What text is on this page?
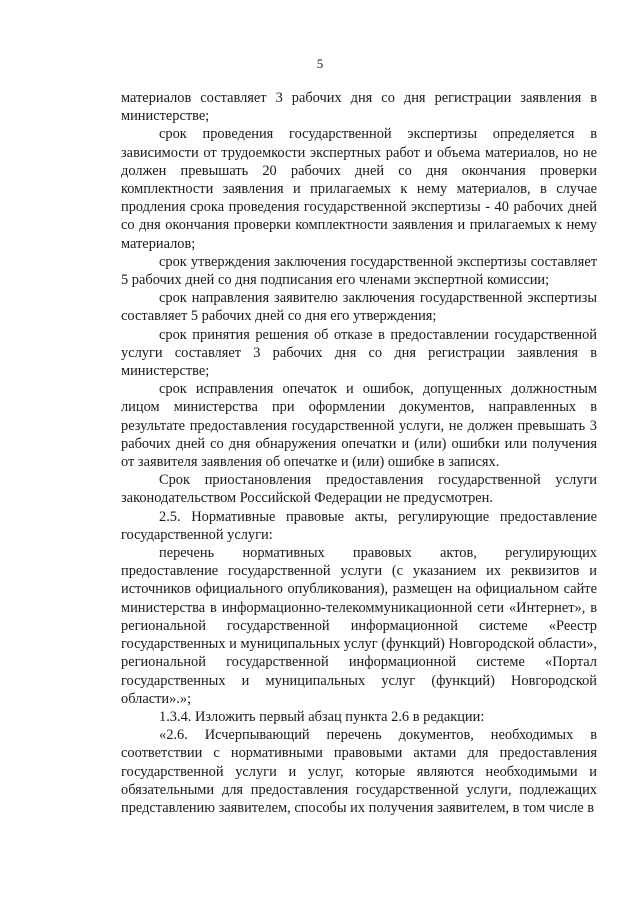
5

материалов составляет 3 рабочих дня со дня регистрации заявления в министерстве;

срок проведения государственной экспертизы определяется в зависимости от трудоемкости экспертных работ и объема материалов, но не должен превышать 20 рабочих дней со дня окончания проверки комплектности заявления и прилагаемых к нему материалов, в случае продления срока проведения государственной экспертизы - 40 рабочих дней со дня окончания проверки комплектности заявления и прилагаемых к нему материалов;

срок утверждения заключения государственной экспертизы составляет 5 рабочих дней со дня подписания его членами экспертной комиссии;

срок направления заявителю заключения государственной экспертизы составляет 5 рабочих дней со дня его утверждения;

срок принятия решения об отказе в предоставлении государственной услуги составляет 3 рабочих дня со дня регистрации заявления в министерстве;

срок исправления опечаток и ошибок, допущенных должностным лицом министерства при оформлении документов, направленных в результате предоставления государственной услуги, не должен превышать 3 рабочих дней со дня обнаружения опечатки и (или) ошибки или получения от заявителя заявления об опечатке и (или) ошибке в записях.

Срок приостановления предоставления государственной услуги законодательством Российской Федерации не предусмотрен.

2.5. Нормативные правовые акты, регулирующие предоставление государственной услуги:

перечень нормативных правовых актов, регулирующих предоставление государственной услуги (с указанием их реквизитов и источников официального опубликования), размещен на официальном сайте министерства в информационно-телекоммуникационной сети «Интернет», в региональной государственной информационной системе «Реестр государственных и муниципальных услуг (функций) Новгородской области», региональной государственной информационной системе «Портал государственных и муниципальных услуг (функций) Новгородской области».»;

1.3.4. Изложить первый абзац пункта 2.6 в редакции:

«2.6. Исчерпывающий перечень документов, необходимых в соответствии с нормативными правовыми актами для предоставления государственной услуги и услуг, которые являются необходимыми и обязательными для предоставления государственной услуги, подлежащих представлению заявителем, способы их получения заявителем, в том числе в
